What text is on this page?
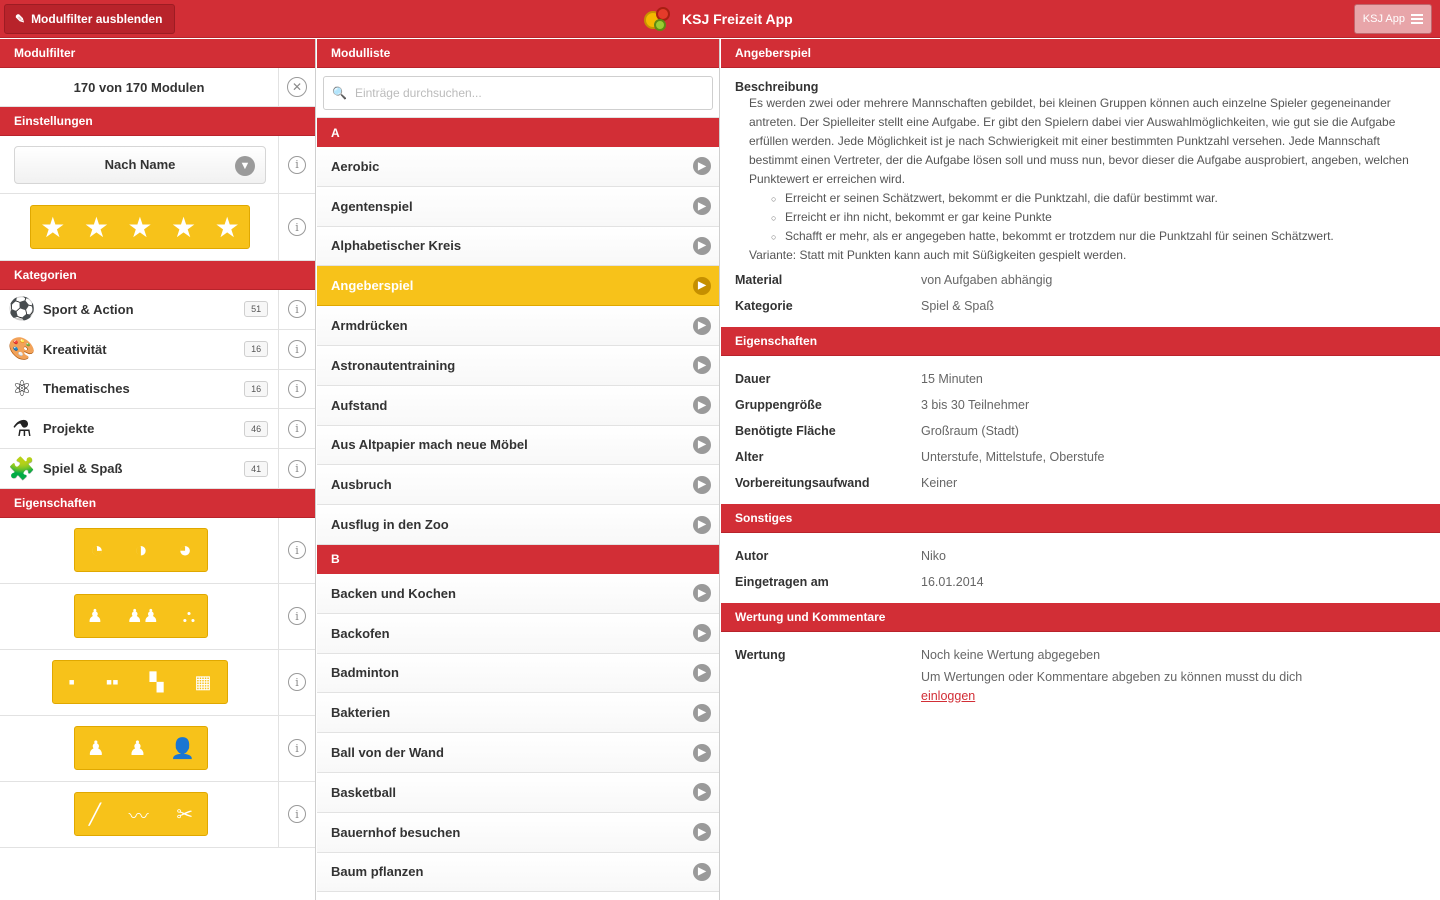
✎ Modulfilter ausblenden	KSJ Freizeit App	KSJ App
Modulfilter
170 von 170 Modulen	✕
Einstellungen
Nach Name	▼	i
★ ★ ★ ★ ★	i
Kategorien
⚽ Sport & Action	51	i
🎨 Kreativität	16	i
⚛ Thematisches	16	i
⚗ Projekte	46	i
🧩 Spiel & Spaß	41	i
Eigenschaften
◔ ◑ ◕	i
♟ ♟♟ ⛬	i
▪ ▪▪ ▚ ▦	i
♟ ♟ 👤	i
╱ 〰 ✂	i
Modulliste
🔍
Einträge durchsuchen...
A
Aerobic	▶
Agentenspiel	▶
Alphabetischer Kreis	▶
Angeberspiel	▶
Armdrücken	▶
Astronautentraining	▶
Aufstand	▶
Aus Altpapier mach neue Möbel	▶
Ausbruch	▶
Ausflug in den Zoo	▶
B
Backen und Kochen	▶
Backofen	▶
Badminton	▶
Bakterien	▶
Ball von der Wand	▶
Basketball	▶
Bauernhof besuchen	▶
Baum pflanzen	▶
Angeberspiel
Beschreibung
Es werden zwei oder mehrere Mannschaften gebildet, bei kleinen Gruppen können auch einzelne Spieler gegeneinander antreten. Der Spielleiter stellt eine Aufgabe. Er gibt den Spielern dabei vier Auswahlmöglichkeiten, wie gut sie die Aufgabe erfüllen werden. Jede Möglichkeit ist je nach Schwierigkeit mit einer bestimmten Punktzahl versehen. Jede Mannschaft bestimmt einen Vertreter, der die Aufgabe lösen soll und muss nun, bevor dieser die Aufgabe ausprobiert, angeben, welchen Punktewert er erreichen wird.
○ Erreicht er seinen Schätzwert, bekommt er die Punktzahl, die dafür bestimmt war.
○ Erreicht er ihn nicht, bekommt er gar keine Punkte
○ Schafft er mehr, als er angegeben hatte, bekommt er trotzdem nur die Punktzahl für seinen Schätzwert.
Variante: Statt mit Punkten kann auch mit Süßigkeiten gespielt werden.
Material	von Aufgaben abhängig
Kategorie	Spiel & Spaß
Eigenschaften
Dauer	15 Minuten
Gruppengröße	3 bis 30 Teilnehmer
Benötigte Fläche	Großraum (Stadt)
Alter	Unterstufe, Mittelstufe, Oberstufe
Vorbereitungsaufwand	Keiner
Sonstiges
Autor	Niko
Eingetragen am	16.01.2014
Wertung und Kommentare
Wertung	Noch keine Wertung abgegeben
Um Wertungen oder Kommentare abgeben zu können musst du dich
einloggen
